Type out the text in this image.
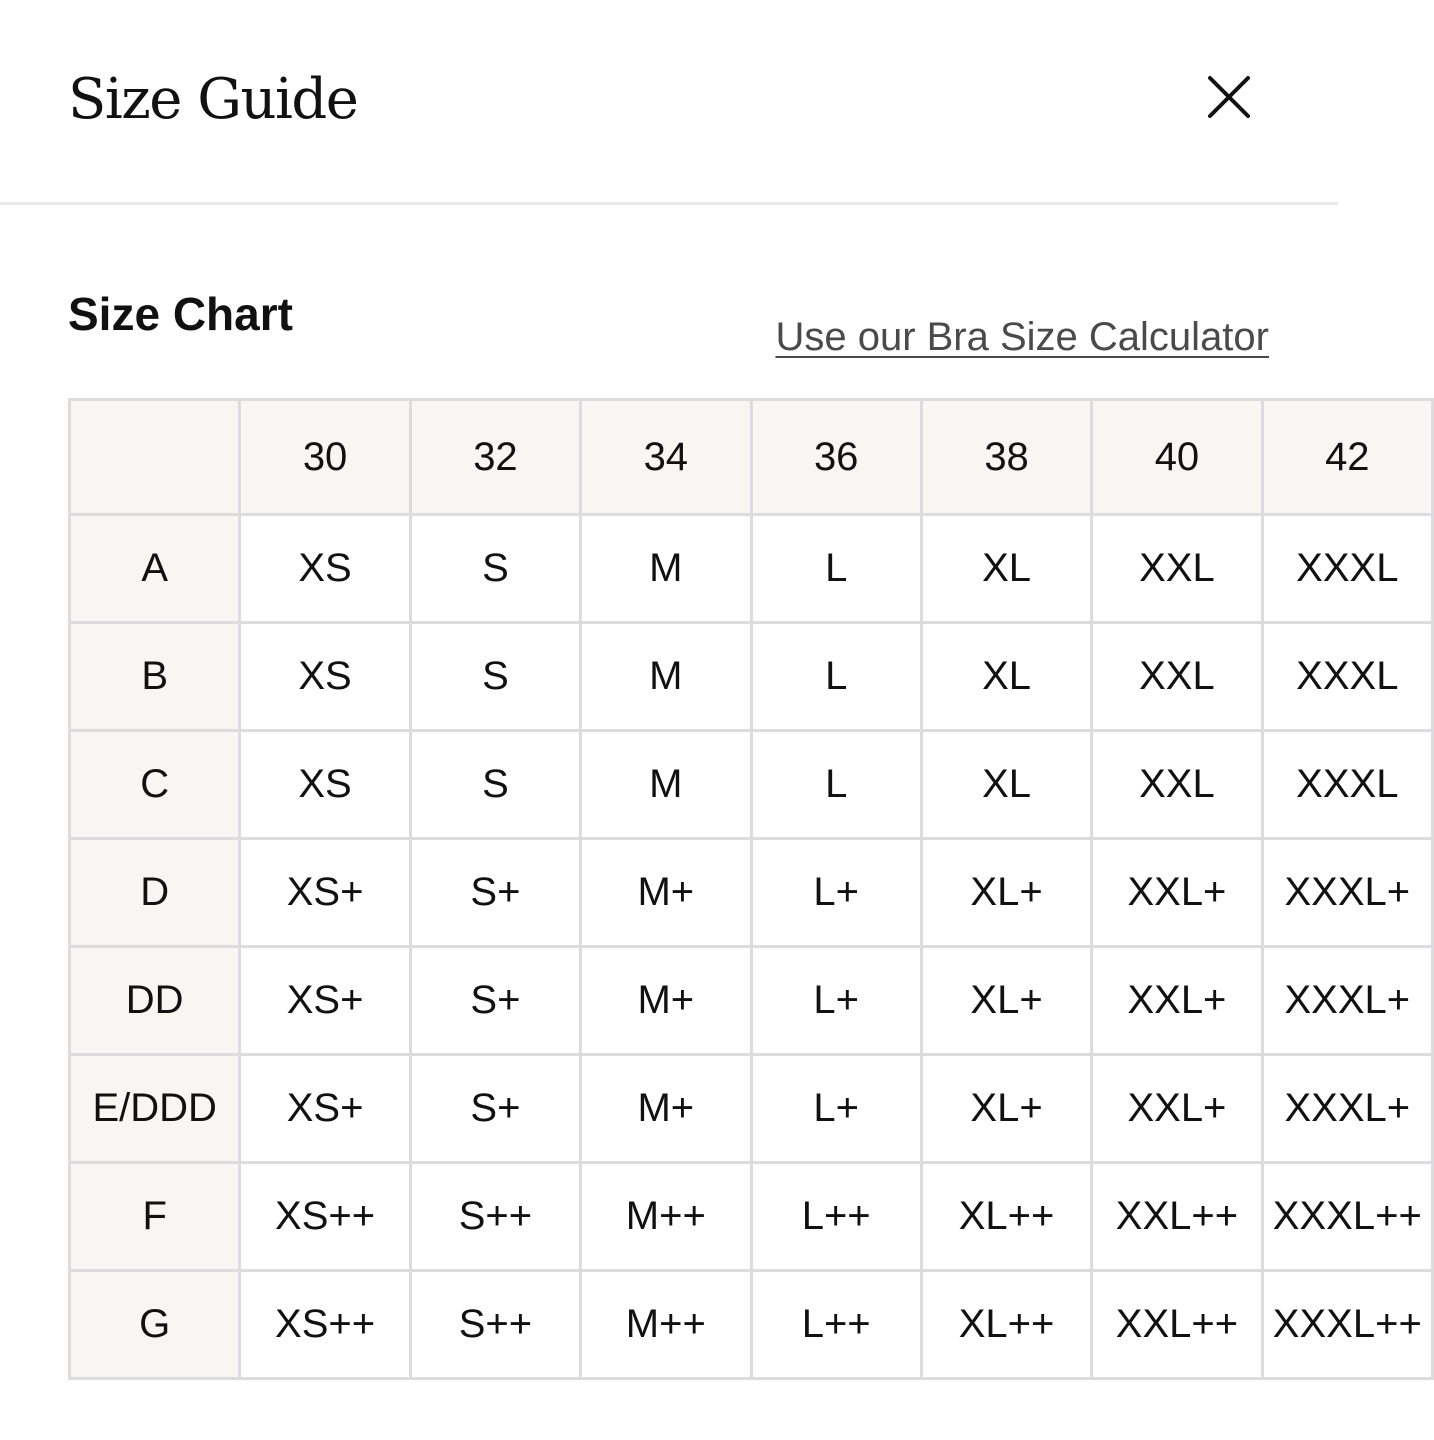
Size Guide
Size Chart	Use our Bra Size Calculator
	30	32	34	36	38	40	42
A	XS	S	M	L	XL	XXL	XXXL
B	XS	S	M	L	XL	XXL	XXXL
C	XS	S	M	L	XL	XXL	XXXL
D	XS+	S+	M+	L+	XL+	XXL+	XXXL+
DD	XS+	S+	M+	L+	XL+	XXL+	XXXL+
E/DDD	XS+	S+	M+	L+	XL+	XXL+	XXXL+
F	XS++	S++	M++	L++	XL++	XXL++	XXXL++
G	XS++	S++	M++	L++	XL++	XXL++	XXXL++
